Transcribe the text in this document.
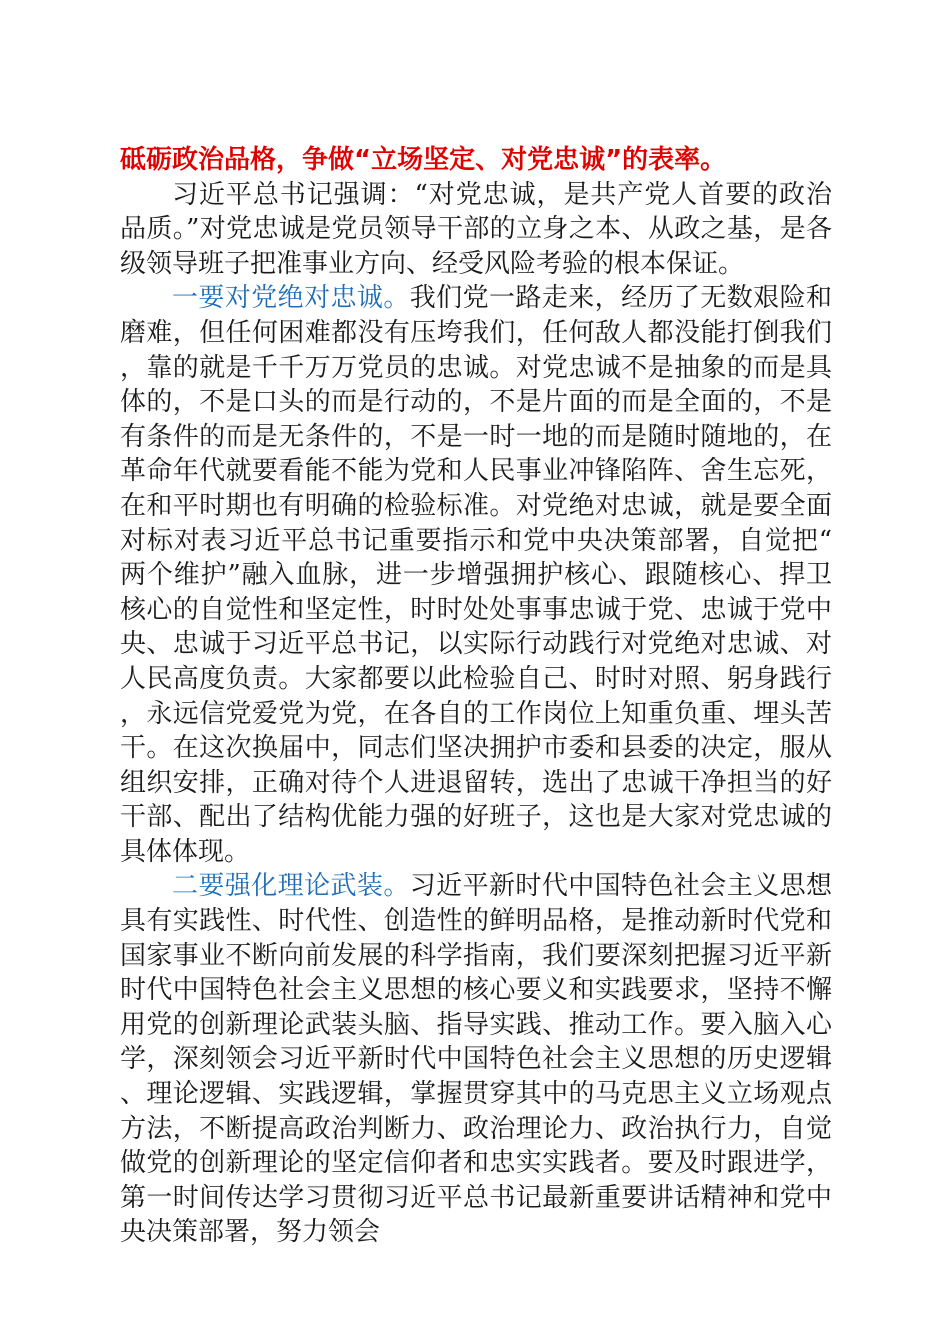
砥砺政治品格，争做“立场坚定、对党忠诚”的表率。

习近平总书记强调：“对党忠诚，是共产党人首要的政治品质。”对党忠诚是党员领导干部的立身之本、从政之基，是各级领导班子把准事业方向、经受风险考验的根本保证。

一要对党绝对忠诚。我们党一路走来，经历了无数艰险和磨难，但任何困难都没有压垮我们，任何敌人都没能打倒我们，靠的就是千千万万党员的忠诚。对党忠诚不是抽象的而是具体的，不是口头的而是行动的，不是片面的而是全面的，不是有条件的而是无条件的，不是一时一地的而是随时随地的，在革命年代就要看能不能为党和人民事业冲锋陷阵、舍生忘死，在和平时期也有明确的检验标准。对党绝对忠诚，就是要全面对标对表习近平总书记重要指示和党中央决策部署，自觉把“两个维护”融入血脉，进一步增强拥护核心、跟随核心、捍卫核心的自觉性和坚定性，时时处处事事忠诚于党、忠诚于党中央、忠诚于习近平总书记，以实际行动践行对党绝对忠诚、对人民高度负责。大家都要以此检验自己、时时对照、躬身践行，永远信党爱党为党，在各自的工作岗位上知重负重、埋头苦干。在这次换届中，同志们坚决拥护市委和县委的决定，服从组织安排，正确对待个人进退留转，选出了忠诚干净担当的好干部、配出了结构优能力强的好班子，这也是大家对党忠诚的具体体现。

二要强化理论武装。习近平新时代中国特色社会主义思想具有实践性、时代性、创造性的鲜明品格，是推动新时代党和国家事业不断向前发展的科学指南，我们要深刻把握习近平新时代中国特色社会主义思想的核心要义和实践要求，坚持不懈用党的创新理论武装头脑、指导实践、推动工作。要入脑入心学，深刻领会习近平新时代中国特色社会主义思想的历史逻辑、理论逻辑、实践逻辑，掌握贯穿其中的马克思主义立场观点方法，不断提高政治判断力、政治理论力、政治执行力，自觉做党的创新理论的坚定信仰者和忠实实践者。要及时跟进学，第一时间传达学习贯彻习近平总书记最新重要讲话精神和党中央决策部署，努力领会
